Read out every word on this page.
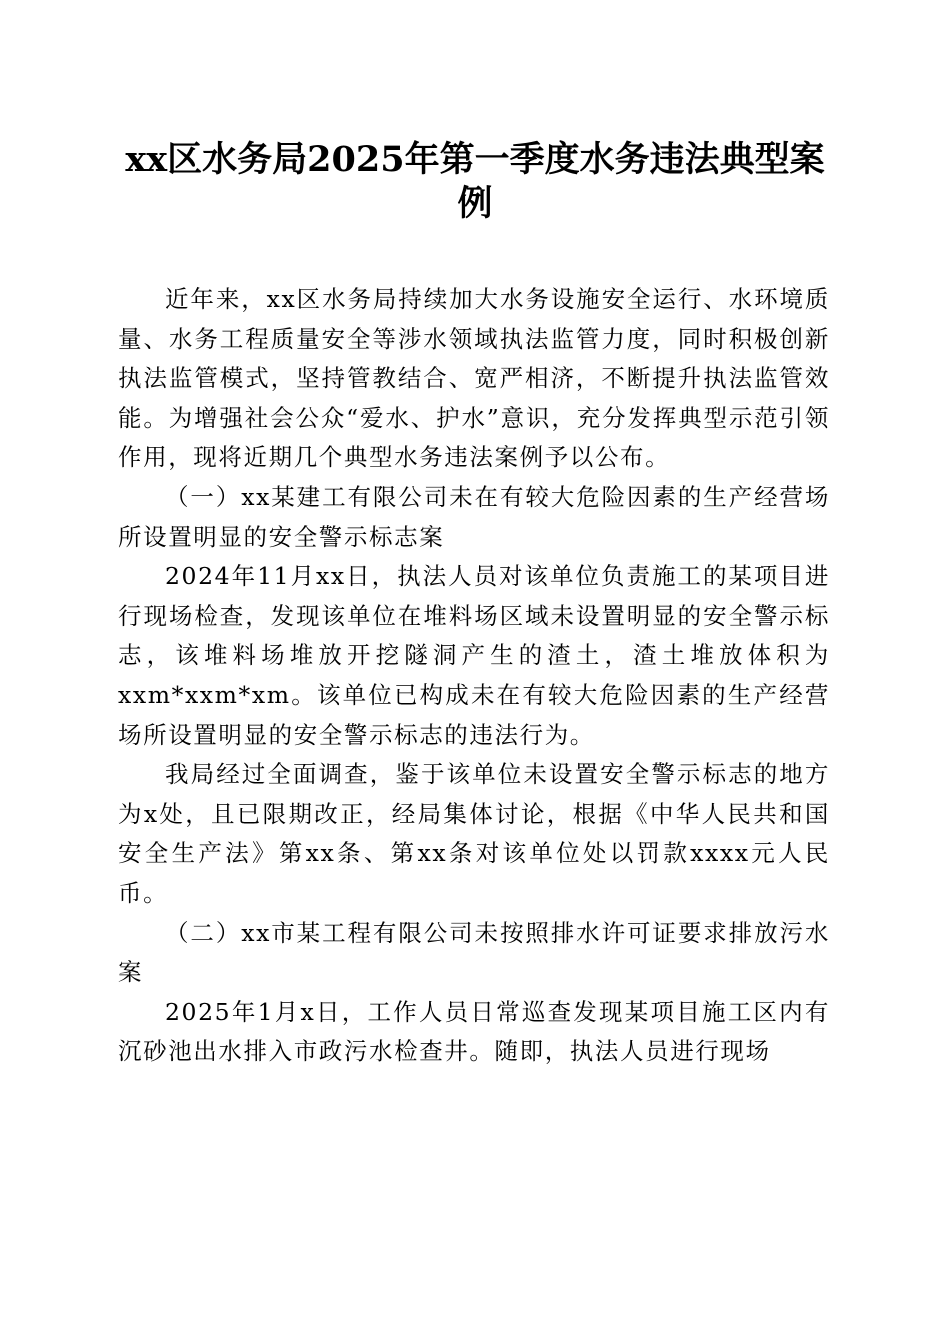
xx区水务局2025年第一季度水务违法典型案例

近年来，xx区水务局持续加大水务设施安全运行、水环境质量、水务工程质量安全等涉水领域执法监管力度，同时积极创新执法监管模式，坚持管教结合、宽严相济，不断提升执法监管效能。为增强社会公众“爱水、护水”意识，充分发挥典型示范引领作用，现将近期几个典型水务违法案例予以公布。

（一）xx某建工有限公司未在有较大危险因素的生产经营场所设置明显的安全警示标志案

2024年11月xx日，执法人员对该单位负责施工的某项目进行现场检查，发现该单位在堆料场区域未设置明显的安全警示标志，该堆料场堆放开挖隧洞产生的渣土，渣土堆放体积为xxm*xxm*xm。该单位已构成未在有较大危险因素的生产经营场所设置明显的安全警示标志的违法行为。

我局经过全面调查，鉴于该单位未设置安全警示标志的地方为x处，且已限期改正，经局集体讨论，根据《中华人民共和国安全生产法》第xx条、第xx条对该单位处以罚款xxxx元人民币。

（二）xx市某工程有限公司未按照排水许可证要求排放污水案

2025年1月x日，工作人员日常巡查发现某项目施工区内有沉砂池出水排入市政污水检查井。随即，执法人员进行现场
